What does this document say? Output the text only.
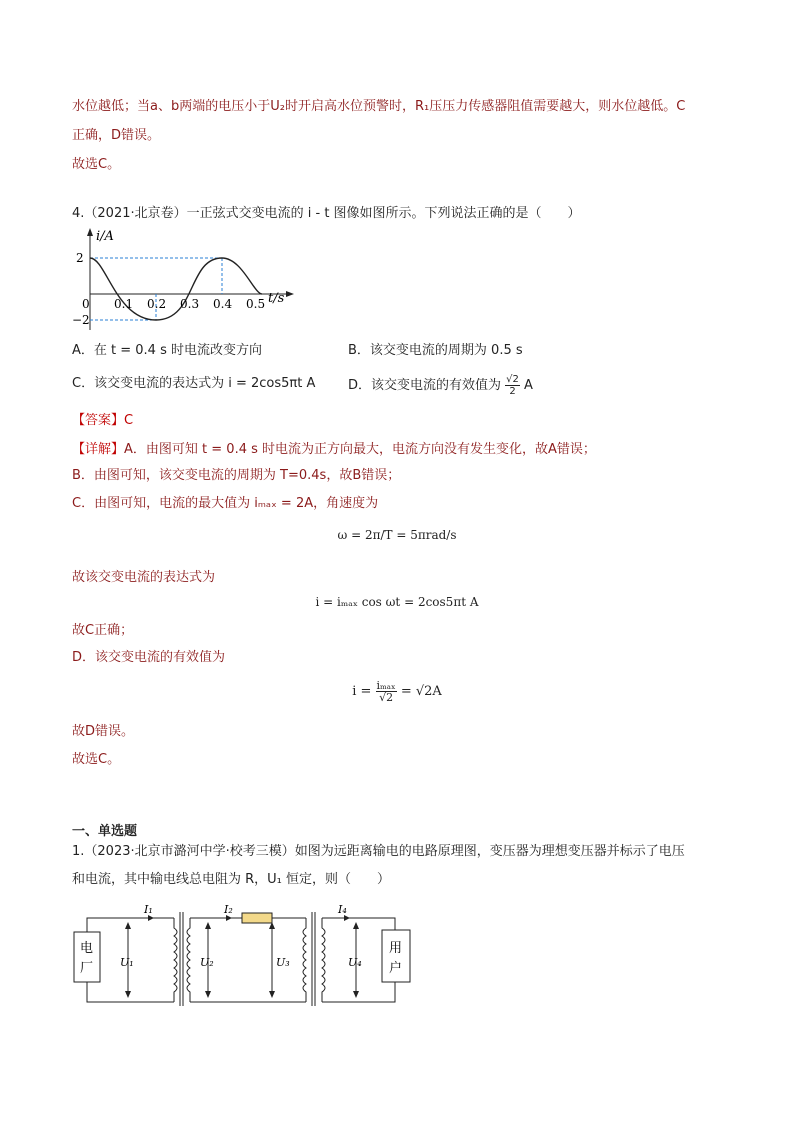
水位越低；当a、b两端的电压小于U₂时开启高水位预警时，R₁压压力传感器阻值需要越大，则水位越低。C
正确，D错误。
故选C。
4.（2021·北京卷）一正弦式交变电流的 i - t 图像如图所示。下列说法正确的是（　　）
2
−2
0 0.1 0.2 0.3 0.4 0.5 t/s
i/A
A．在 t = 0.4 s 时电流改变方向	B．该交变电流的周期为 0.5 s
C．该交变电流的表达式为 i = 2cos5πt A	D．该交变电流的有效值为 $\frac{√2}{2}$ A
【答案】C
【详解】A．由图可知 t = 0.4 s 时电流为正方向最大，电流方向没有发生变化，故A错误；
B．由图可知，该交变电流的周期为 T=0.4s，故B错误；
C．由图可知，电流的最大值为 iₘₐₓ = 2A，角速度为
ω = 2π/T = 5πrad/s
故该交变电流的表达式为
i = iₘₐₓ cos ωt = 2cos5πt A
故C正确；
D．该交变电流的有效值为
$i = \frac{\text{iₘₐₓ}}{√2} = √2A$
故D错误。
故选C。
一、单选题
1.（2023·北京市潞河中学·校考三模）如图为远距离输电的电路原理图，变压器为理想变压器并标示了电压
和电流，其中输电线总电阻为 R，U₁ 恒定，则（　　）
电
厂
I₁
U₁
I₂
U₂	U₃
I₄
U₄
用
户
